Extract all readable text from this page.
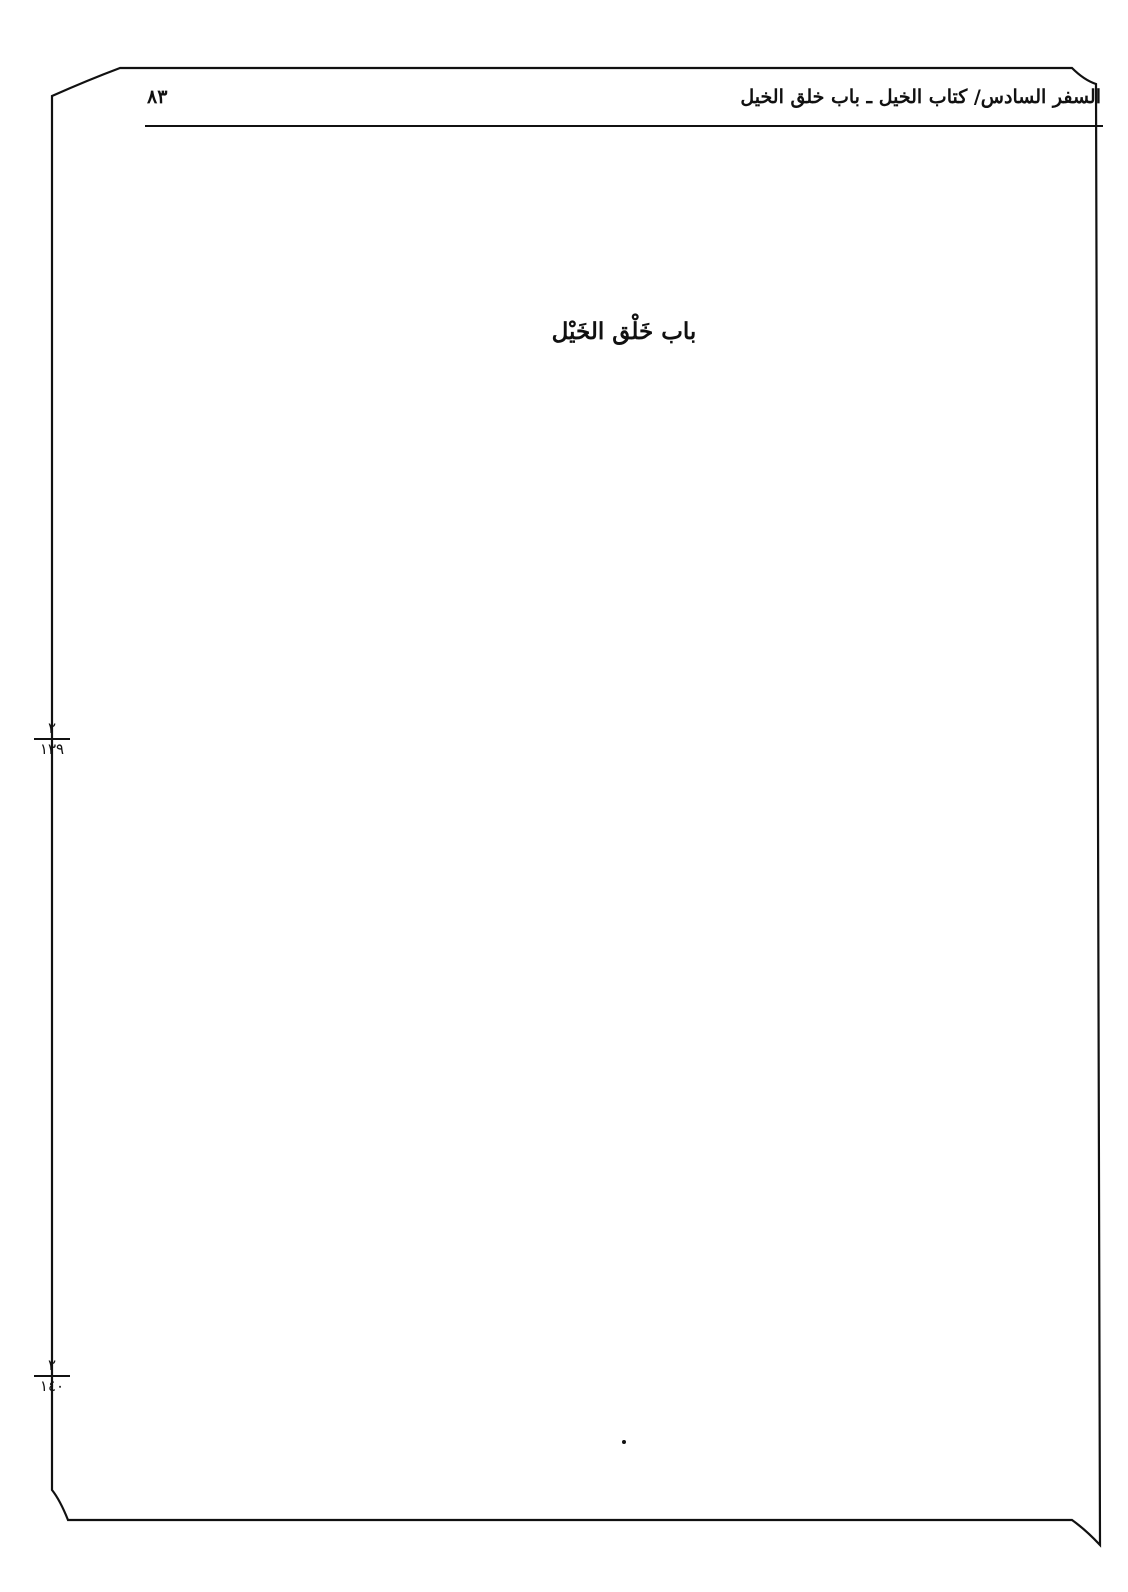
السفر السادس/ كتاب الخيل ـ باب خلق الخيل
٨٣

باب خَلْق الخَيْل

٢
١٣٩
٢
١٤٠
